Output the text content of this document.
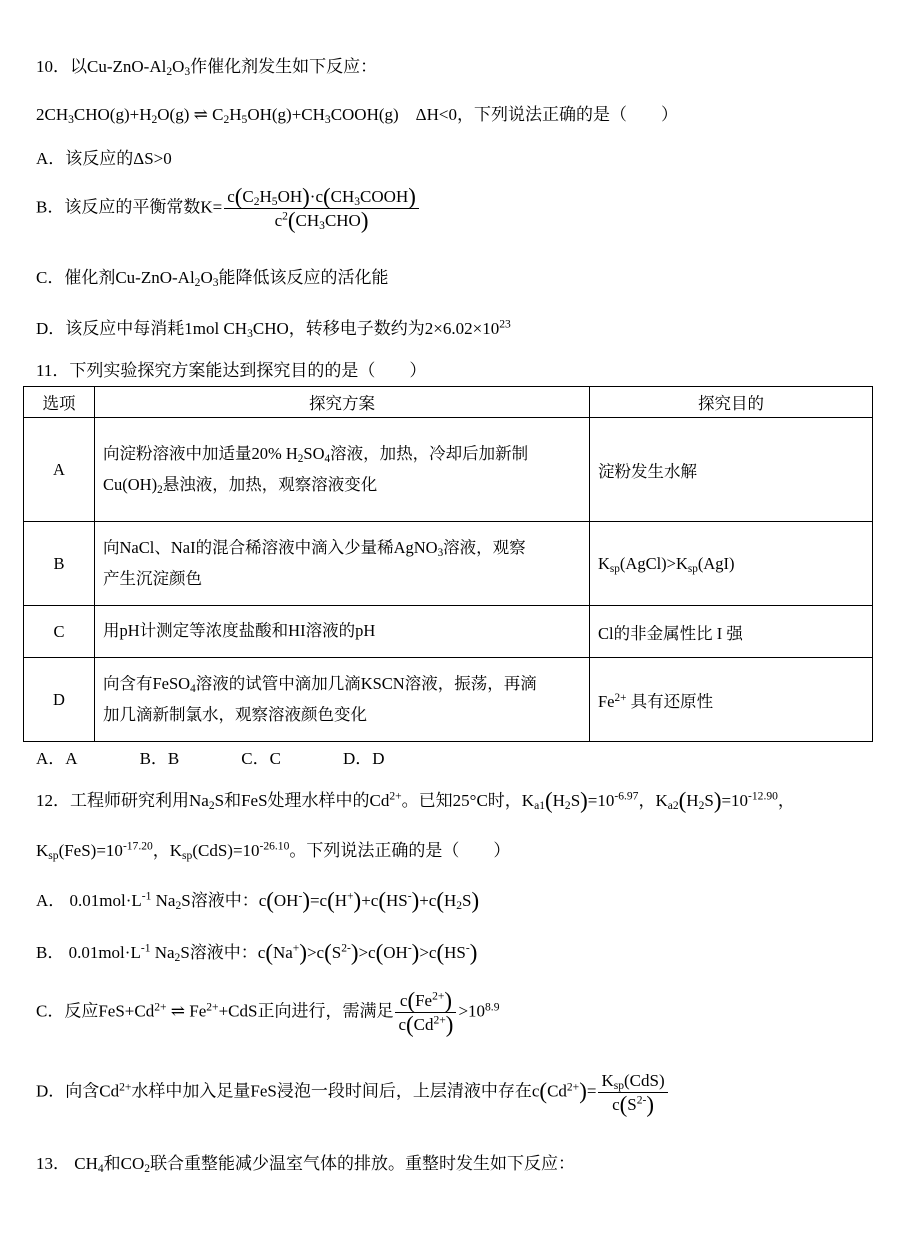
10．以$Cu-ZnO-Al_2O_3$作催化剂发生如下反应：
$2CH_3CHO(g)+H_2O(g)$ ⇌ $C_2H_5OH(g)+CH_3COOH(g)$    ΔH<0，下列说法正确的是（　　）
A．该反应的ΔS>0
B．该反应的平衡常数$K= \frac{c(C_2H_5OH)\cdot c(CH_3COOH)}{c^2(CH_3CHO)}$
C．催化剂$Cu-ZnO-Al_2O_3$能降低该反应的活化能
D．该反应中每消耗1mol $CH_3CHO$，转移电子数约为$2\times 6.02\times 10^{23}$
11．下列实验探究方案能达到探究目的的是（　　）
选项	探究方案	探究目的
A	向淀粉溶液中加适量20% $H_2SO_4$溶液，加热，冷却后加新制
$Cu(OH)_2$悬浊液，加热，观察溶液变化	淀粉发生水解
B	向NaCl、NaI的混合稀溶液中滴入少量稀AgNO$_3$溶液，观察
产生沉淀颜色	$K_{sp}(AgCl)>K_{sp}(AgI)$
C	用pH计测定等浓度盐酸和HI溶液的pH	Cl的非金属性比 I 强
D	向含有FeSO$_4$溶液的试管中滴加几滴KSCN溶液，振荡，再滴
加几滴新制氯水，观察溶液颜色变化	$Fe^{2+}$ 具有还原性
A．A	B．B	C．C	D．D
12．工程师研究利用$Na_2S$和FeS处理水样中的$Cd^{2+}$。已知25°C时，$K_{a1}(H_2S)=10^{-6.97}$，$K_{a2}(H_2S)=10^{-12.90}$，
$K_{sp}(FeS)=10^{-17.20}$，$K_{sp}(CdS)=10^{-26.10}$。下列说法正确的是（　　）
A． $0.01mol\cdot L^{-1}$ $Na_2S$溶液中：$c(OH^-)=c(H^+)+c(HS^-)+c(H_2S)$
B． $0.01mol\cdot L^{-1}$ $Na_2S$溶液中：$c(Na^+)>c(S^{2-})>c(OH^-)>c(HS^-)$
C．反应$FeS+Cd^{2+}$ ⇌ $Fe^{2+}+CdS$正向进行，需满足 $\frac{c(Fe^{2+})}{c(Cd^{2+})} >10^{8.9}$
D．向含$Cd^{2+}$水样中加入足量FeS浸泡一段时间后，上层清液中存在$c(Cd^{2+})= \frac{K_{sp}(CdS)}{c(S^{2-})}$
13． $CH_4$和$CO_2$联合重整能减少温室气体的排放。重整时发生如下反应：
